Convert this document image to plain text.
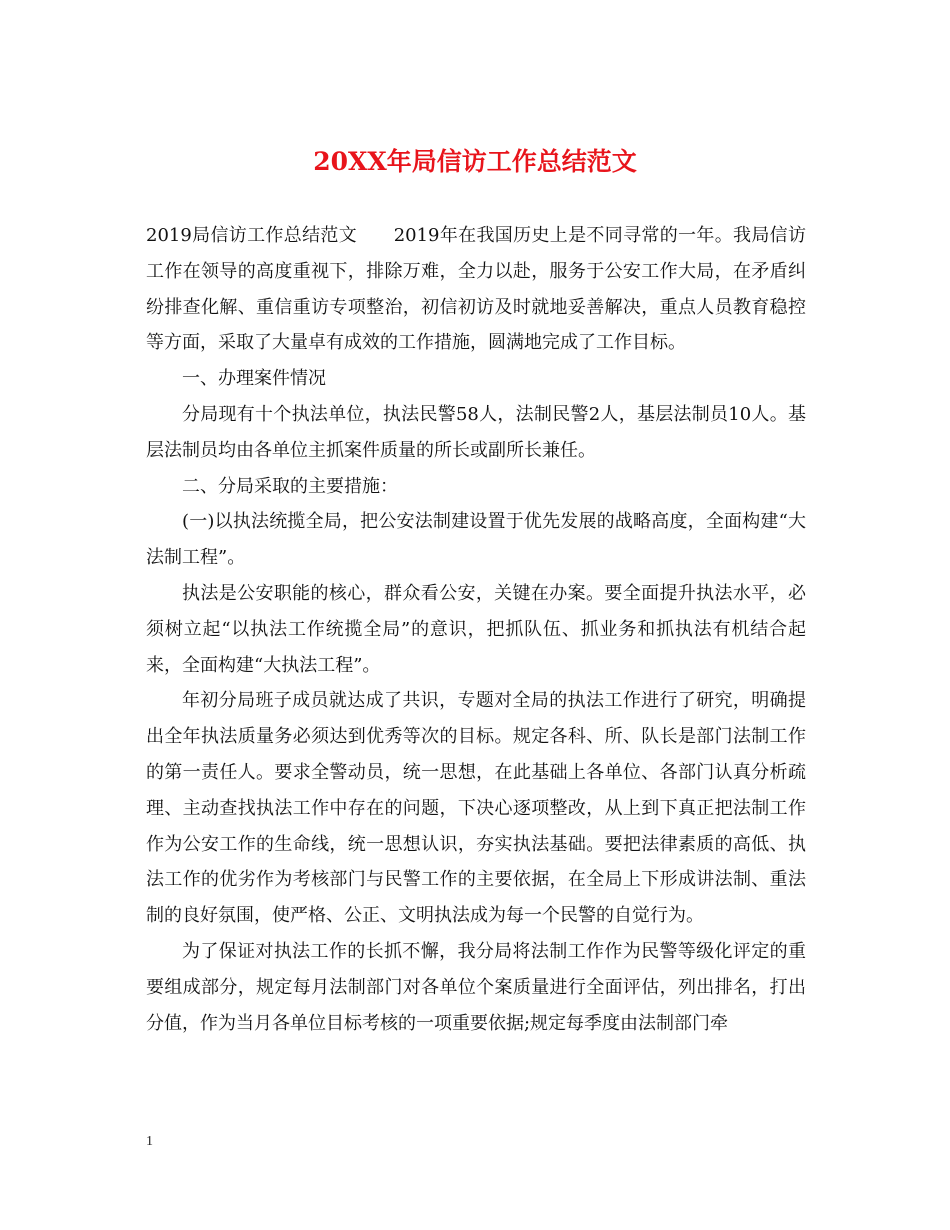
20XX年局信访工作总结范文

2019局信访工作总结范文　　2019年在我国历史上是不同寻常的一年。我局信访工作在领导的高度重视下，排除万难，全力以赴，服务于公安工作大局，在矛盾纠纷排查化解、重信重访专项整治，初信初访及时就地妥善解决，重点人员教育稳控等方面，采取了大量卓有成效的工作措施，圆满地完成了工作目标。

一、办理案件情况

分局现有十个执法单位，执法民警58人，法制民警2人，基层法制员10人。基层法制员均由各单位主抓案件质量的所长或副所长兼任。

二、分局采取的主要措施：

(一)以执法统揽全局，把公安法制建设置于优先发展的战略高度，全面构建“大法制工程”。

执法是公安职能的核心，群众看公安，关键在办案。要全面提升执法水平，必须树立起“以执法工作统揽全局”的意识，把抓队伍、抓业务和抓执法有机结合起来，全面构建“大执法工程”。

年初分局班子成员就达成了共识，专题对全局的执法工作进行了研究，明确提出全年执法质量务必须达到优秀等次的目标。规定各科、所、队长是部门法制工作的第一责任人。要求全警动员，统一思想，在此基础上各单位、各部门认真分析疏理、主动查找执法工作中存在的问题，下决心逐项整改，从上到下真正把法制工作作为公安工作的生命线，统一思想认识，夯实执法基础。要把法律素质的高低、执法工作的优劣作为考核部门与民警工作的主要依据，在全局上下形成讲法制、重法制的良好氛围，使严格、公正、文明执法成为每一个民警的自觉行为。

为了保证对执法工作的长抓不懈，我分局将法制工作作为民警等级化评定的重要组成部分，规定每月法制部门对各单位个案质量进行全面评估，列出排名，打出分值，作为当月各单位目标考核的一项重要依据;规定每季度由法制部门牵

1
